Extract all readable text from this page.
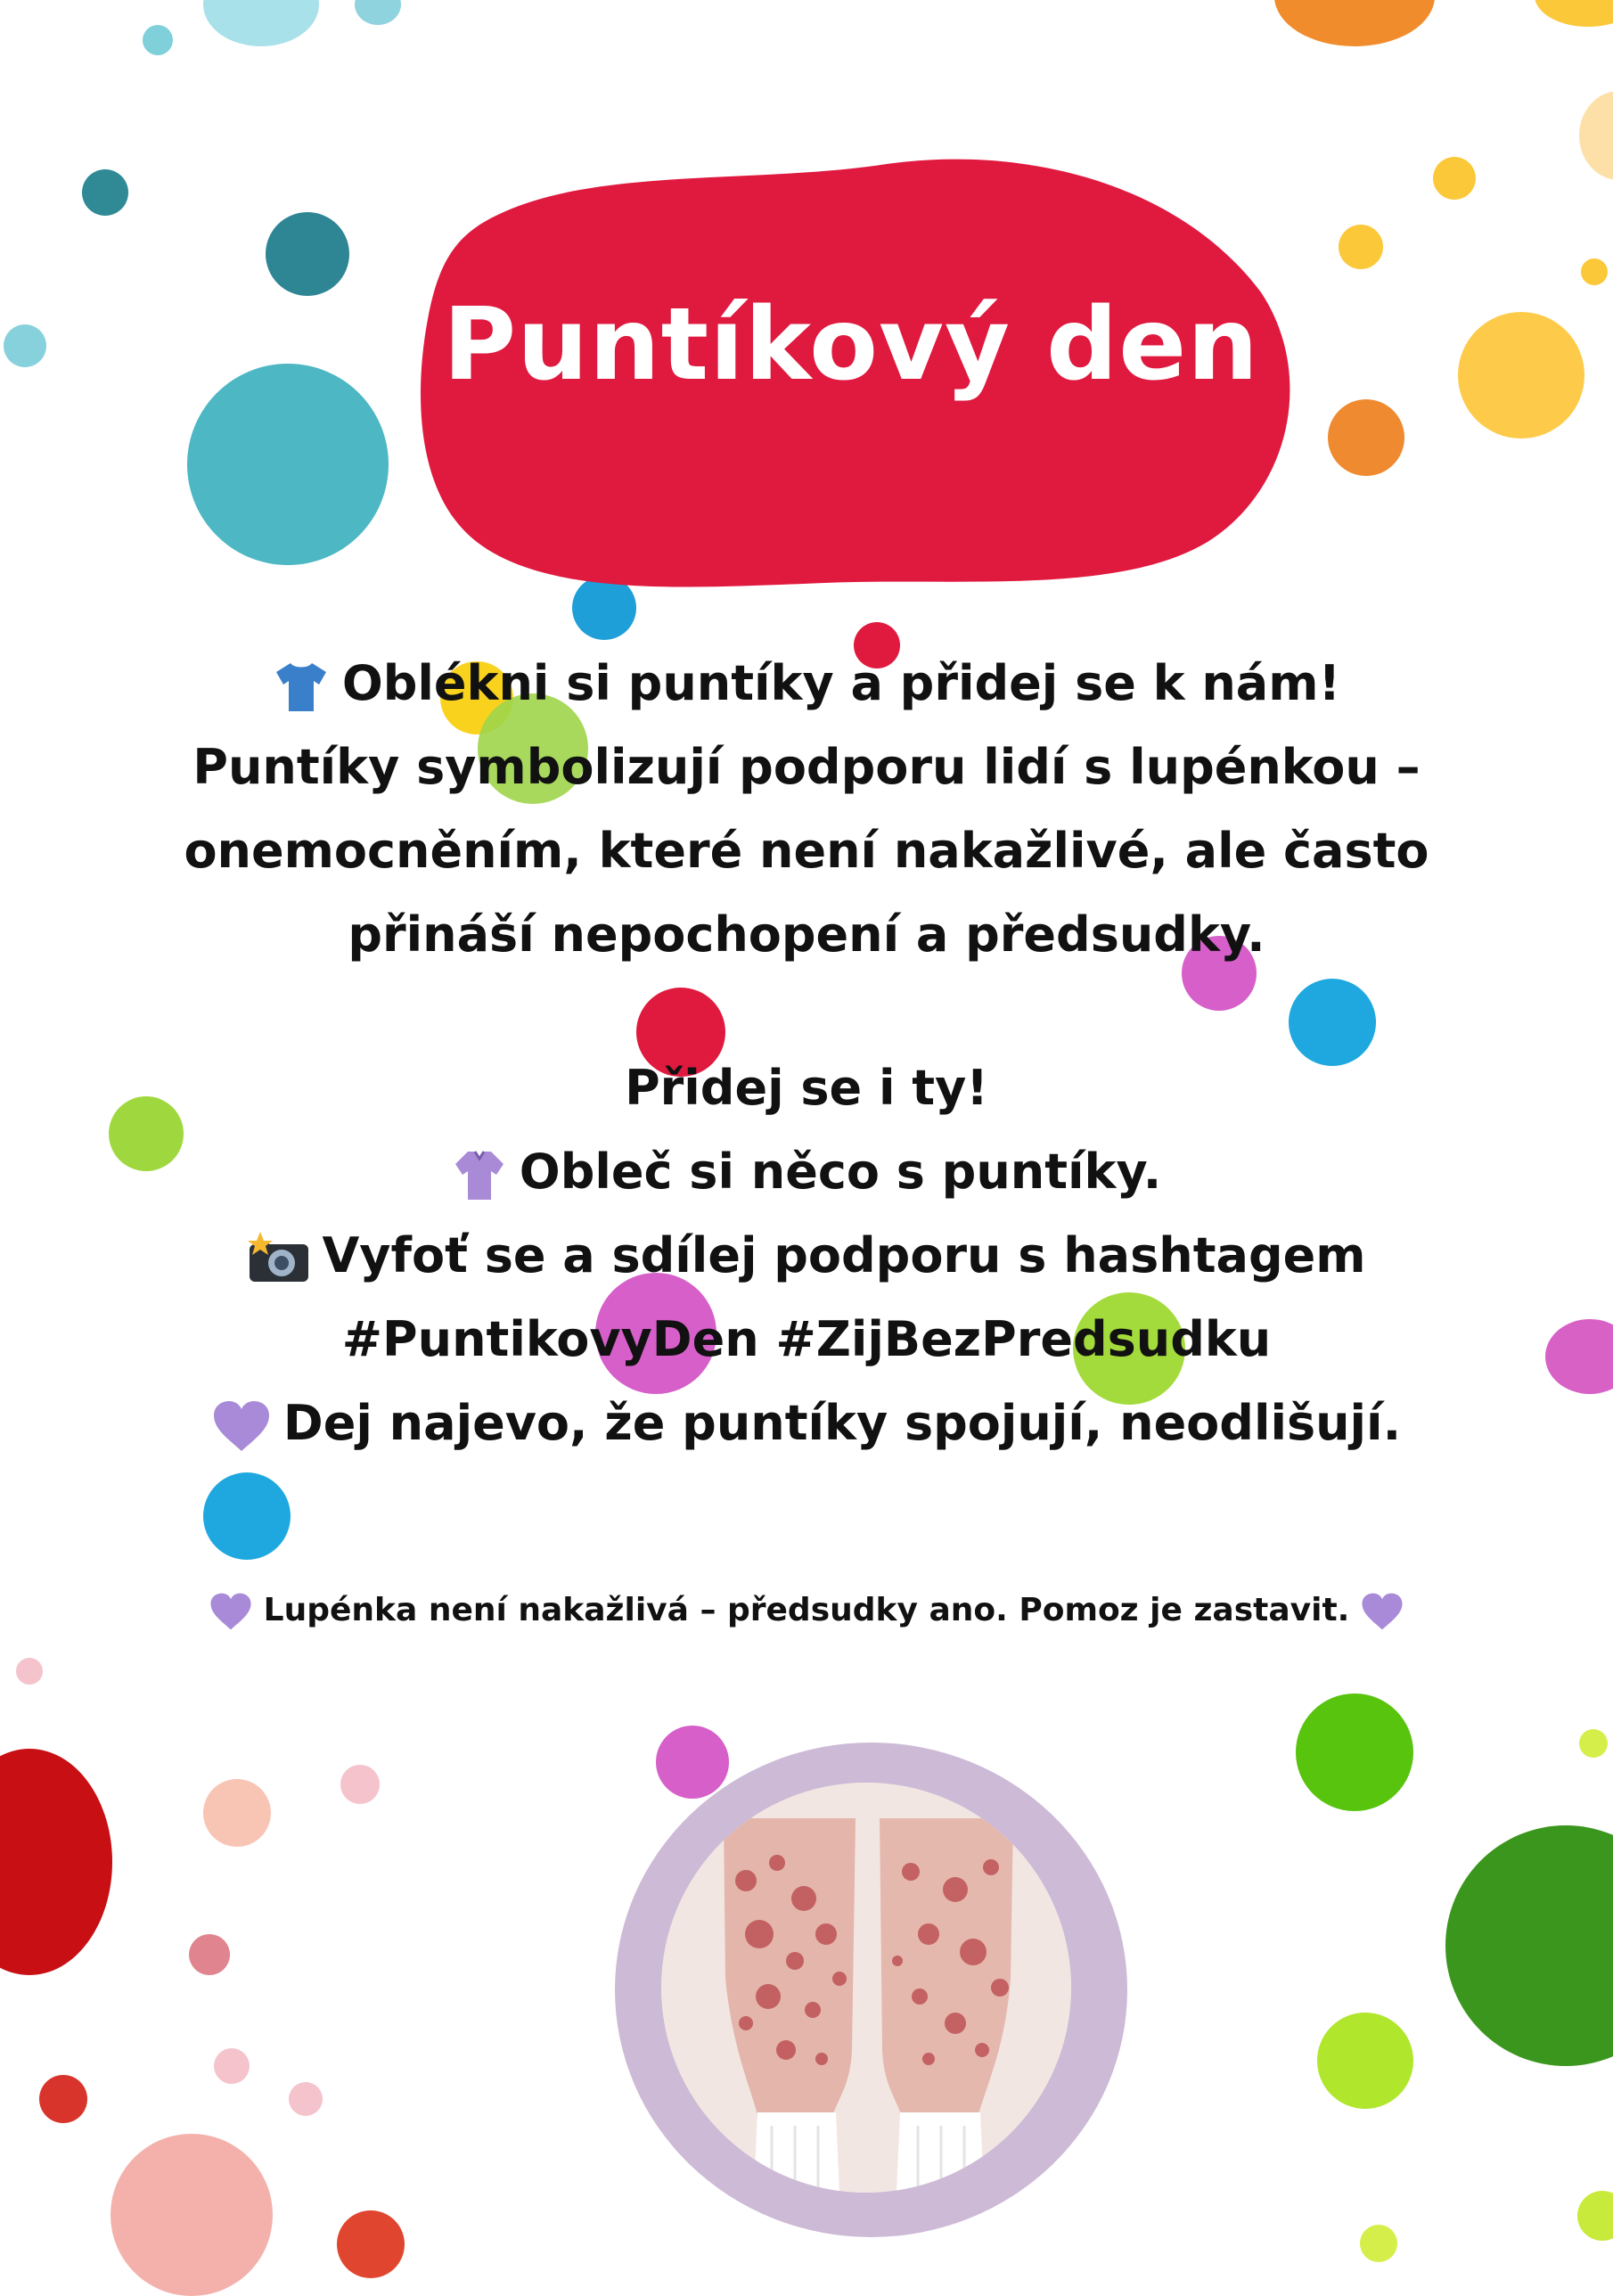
Puntíkový den

Oblékni si puntíky a přidej se k nám!

Puntíky symbolizují podporu lidí s lupénkou –

onemocněním, které není nakažlivé, ale často

přináší nepochopení a předsudky.

Přidej se i ty!

Obleč si něco s puntíky.

Vyfoť se a sdílej podporu s hashtagem

#PuntikovyDen #ZijBezPredsudku

Dej najevo, že puntíky spojují, neodlišují.

Lupénka není nakažlivá – předsudky ano. Pomoz je zastavit.
